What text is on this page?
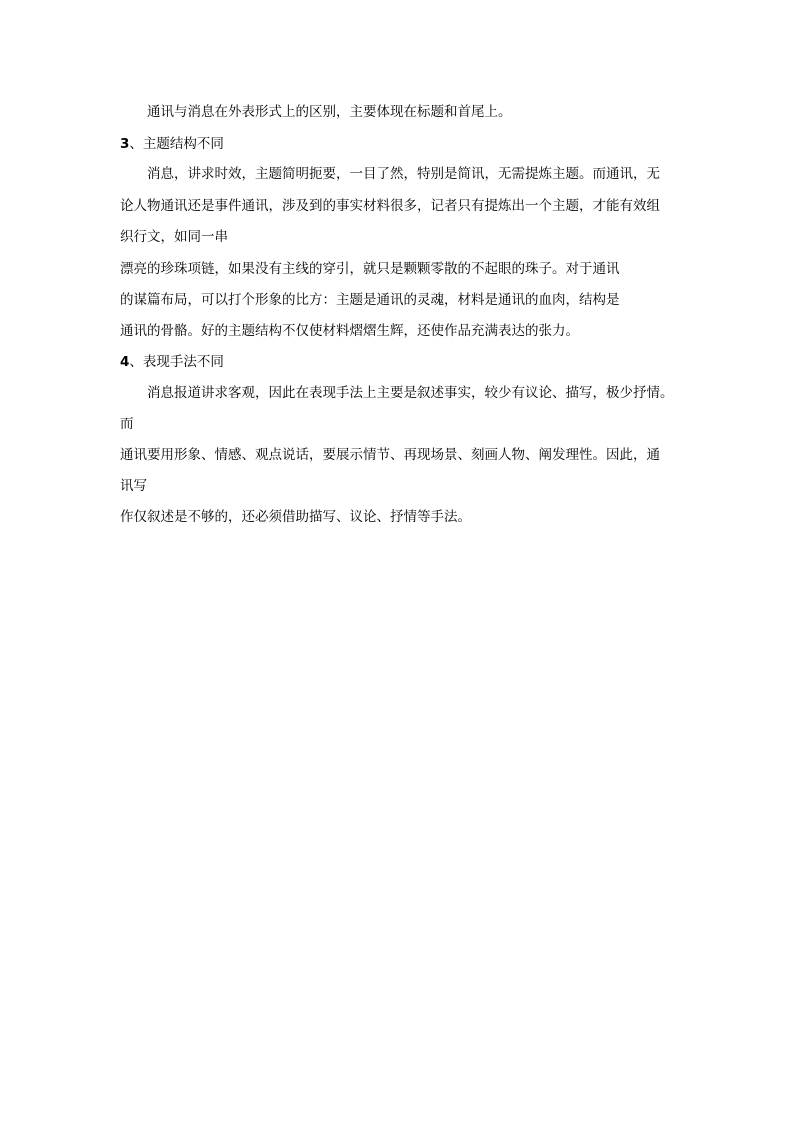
通讯与消息在外表形式上的区别，主要体现在标题和首尾上。
3、主题结构不同
消息，讲求时效，主题简明扼要，一目了然，特别是简讯，无需提炼主题。而通讯，无
论人物通讯还是事件通讯，涉及到的事实材料很多，记者只有提炼出一个主题，才能有效组
织行文，如同一串
漂亮的珍珠项链，如果没有主线的穿引，就只是颗颗零散的不起眼的珠子。对于通讯
的谋篇布局，可以打个形象的比方：主题是通讯的灵魂，材料是通讯的血肉，结构是
通讯的骨骼。好的主题结构不仅使材料熠熠生辉，还使作品充满表达的张力。
4、表现手法不同
消息报道讲求客观，因此在表现手法上主要是叙述事实，较少有议论、描写，极少抒情。
而
通讯要用形象、情感、观点说话，要展示情节、再现场景、刻画人物、阐发理性。因此，通
讯写
作仅叙述是不够的，还必须借助描写、议论、抒情等手法。
